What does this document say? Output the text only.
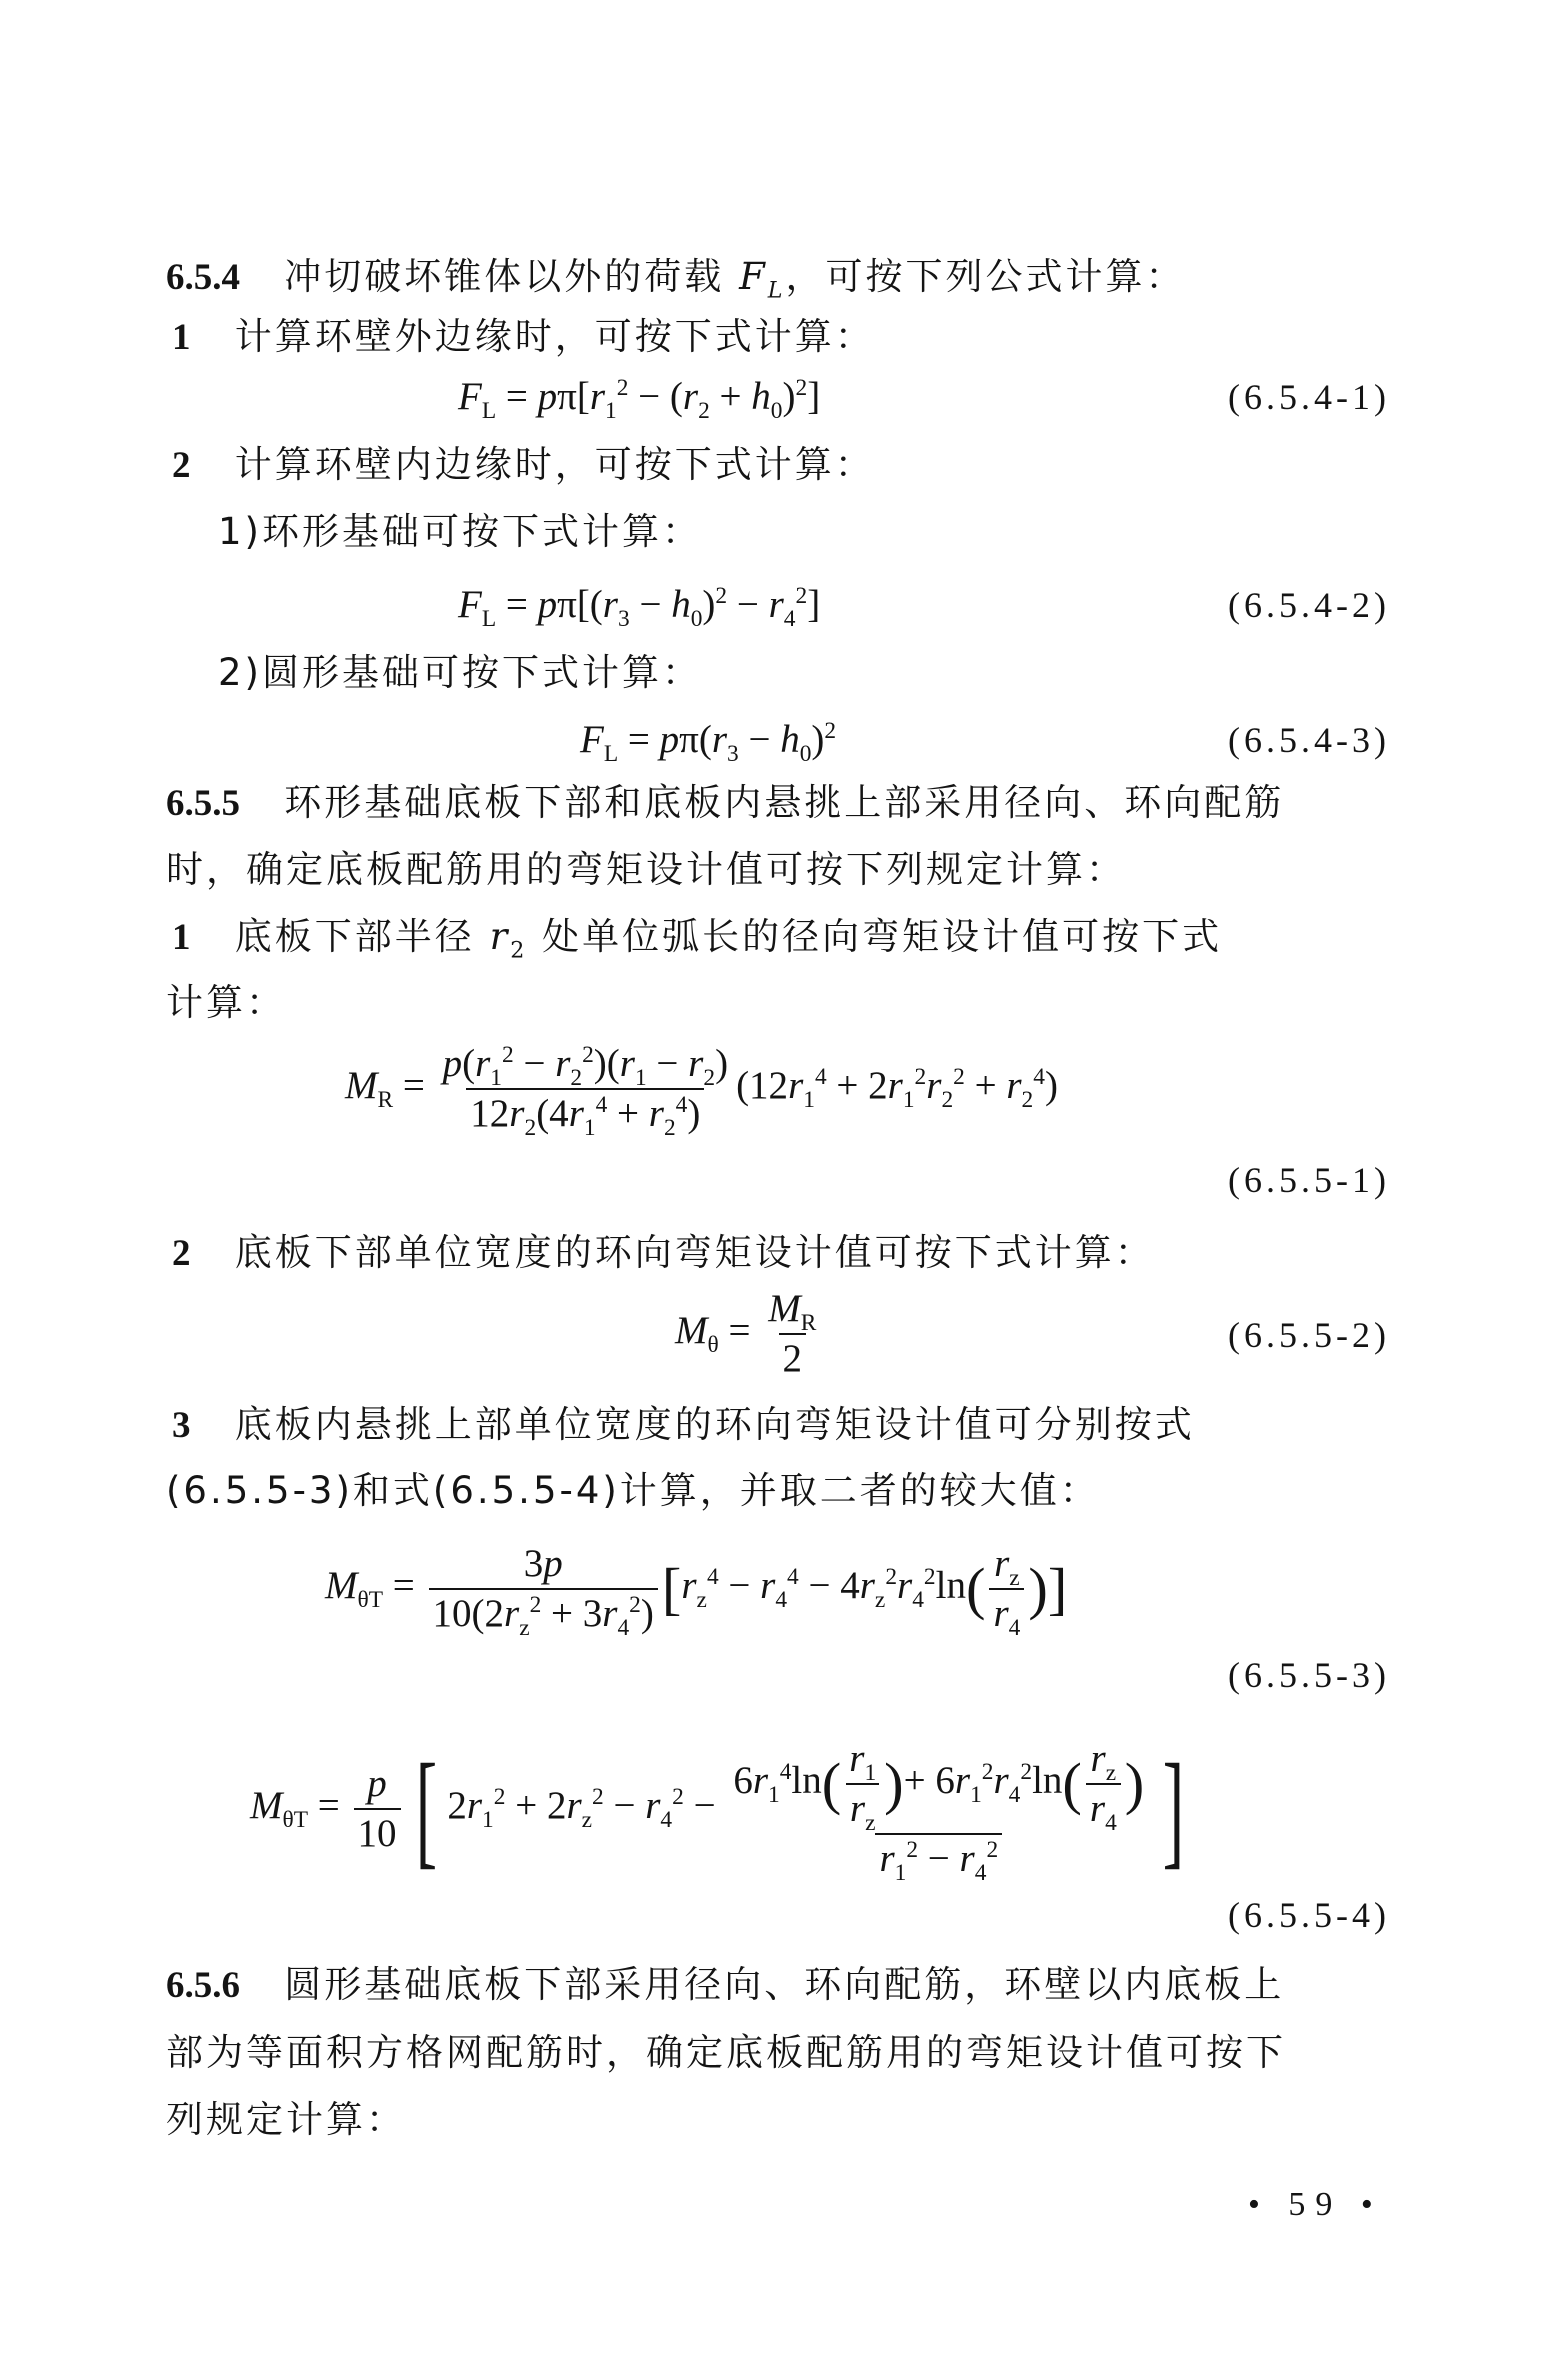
6.5.4 冲切破坏锥体以外的荷载 $F_L$，可按下列公式计算：
1 计算环壁外边缘时，可按下式计算：
$F_L = p\pi[r_1^2 - (r_2 + h_0)^2]$	(6.5.4-1)
2 计算环壁内边缘时，可按下式计算：
1)环形基础可按下式计算：
$F_L = p\pi[(r_3 - h_0)^2 - r_4^2]$	(6.5.4-2)
2)圆形基础可按下式计算：
$F_L = p\pi(r_3 - h_0)^2$	(6.5.4-3)
6.5.5 环形基础底板下部和底板内悬挑上部采用径向、环向配筋
时，确定底板配筋用的弯矩设计值可按下列规定计算：
1 底板下部半径 $r_2$ 处单位弧长的径向弯矩设计值可按下式
计算：
$M_R = \frac{p(r_1^2 - r_2^2)(r_1 - r_2)}{12r_2(4r_1^4 + r_2^4)} (12r_1^4 + 2r_1^2r_2^2 + r_2^4)$
(6.5.5-1)
2 底板下部单位宽度的环向弯矩设计值可按下式计算：
$M_\theta = \frac{M_R}{2}$	(6.5.5-2)
3 底板内悬挑上部单位宽度的环向弯矩设计值可分别按式
(6.5.5-3)和式(6.5.5-4)计算，并取二者的较大值：
$M_{\theta T} = \frac{3p}{10(2r_z^2 + 3r_4^2)} [r_z^4 - r_4^4 - 4r_z^2r_4^2\ln( \frac{r_z}{r_4}$ )]
(6.5.5-3)
$M_{\theta T} = \frac{p}{10}$ [ $2r_1^2 + 2r_z^2 - r_4^2 - \frac{6r_1^4\ln( \frac{r_1}{r_z} )+ 6r_1^2r_4^2\ln( \frac{r_z}{r_4} )}{r_1^2 - r_4^2}$ ]
(6.5.5-4)
6.5.6 圆形基础底板下部采用径向、环向配筋，环壁以内底板上
部为等面积方格网配筋时，确定底板配筋用的弯矩设计值可按下
列规定计算：
• 59 •
